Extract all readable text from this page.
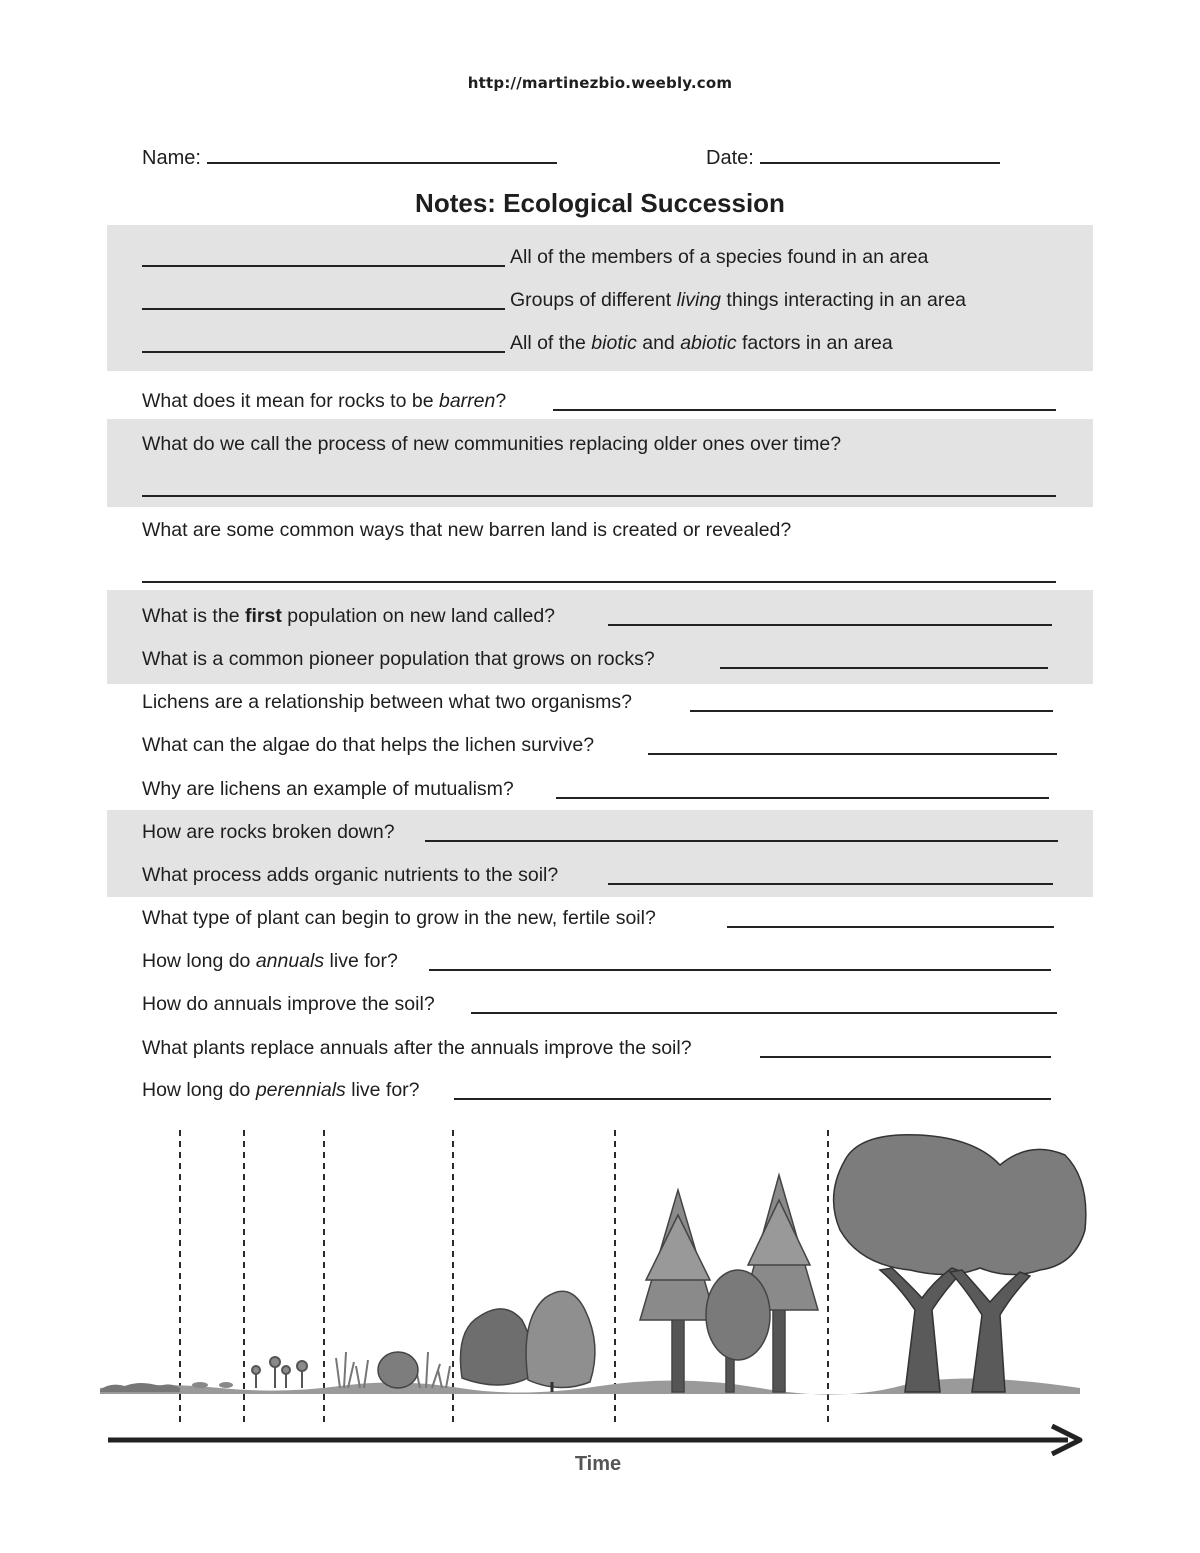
http://martinezbio.weebly.com
Name:	Date:
Notes: Ecological Succession
All of the members of a species found in an area
Groups of different living things interacting in an area
All of the biotic and abiotic factors in an area
What does it mean for rocks to be barren?
What do we call the process of new communities replacing older ones over time?
What are some common ways that new barren land is created or revealed?
What is the first population on new land called?
What is a common pioneer population that grows on rocks?
Lichens are a relationship between what two organisms?
What can the algae do that helps the lichen survive?
Why are lichens an example of mutualism?
How are rocks broken down?
What process adds organic nutrients to the soil?
What type of plant can begin to grow in the new, fertile soil?
How long do annuals live for?
How do annuals improve the soil?
What plants replace annuals after the annuals improve the soil?
How long do perennials live for?
Time
